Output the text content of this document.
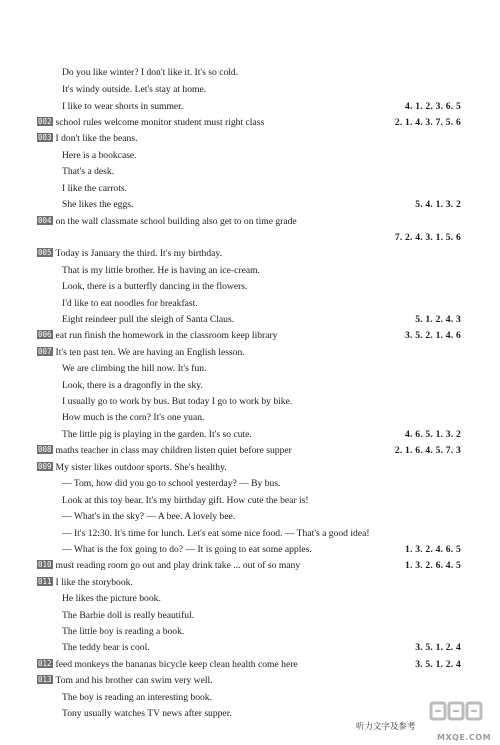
Do you like winter? I don't like it. It's so cold.
It's windy outside. Let's stay at home.
I like to wear shorts in summer.	4. 1. 2. 3. 6. 5
002 school rules welcome monitor student must right class	2. 1. 4. 3. 7. 5. 6
003 I don't like the beans.
Here is a bookcase.
That's a desk.
I like the carrots.
She likes the eggs.	5. 4. 1. 3. 2
004 on the wall classmate school building also get to on time grade
7. 2. 4. 3. 1. 5. 6
005 Today is January the third. It's my birthday.
That is my little brother. He is having an ice-cream.
Look, there is a butterfly dancing in the flowers.
I'd like to eat noodles for breakfast.
Eight reindeer pull the sleigh of Santa Claus.	5. 1. 2. 4. 3
006 eat run finish the homework in the classroom keep library	3. 5. 2. 1. 4. 6
007 It's ten past ten. We are having an English lesson.
We are climbing the hill now. It's fun.
Look, there is a dragonfly in the sky.
I usually go to work by bus. But today I go to work by bike.
How much is the corn? It's one yuan.
The little pig is playing in the garden. It's so cute.	4. 6. 5. 1. 3. 2
008 maths teacher in class may children listen quiet before supper	2. 1. 6. 4. 5. 7. 3
009 My sister likes outdoor sports. She's healthy.
— Tom, how did you go to school yesterday? — By bus.
Look at this toy bear. It's my birthday gift. How cute the bear is!
— What's in the sky? — A bee. A lovely bee.
— It's 12:30. It's time for lunch. Let's eat some nice food. — That's a good idea!
— What is the fox going to do? — It is going to eat some apples.	1. 3. 2. 4. 6. 5
010 must reading room go out and play drink take ... out of so many	1. 3. 2. 6. 4. 5
011 I like the storybook.
He likes the picture book.
The Barbie doll is really beautiful.
The little boy is reading a book.
The teddy bear is cool.	3. 5. 1. 2. 4
012 feed monkeys the bananas bicycle keep clean health come here	3. 5. 1. 2. 4
013 Tom and his brother can swim very well.
The boy is reading an interesting book.
Tony usually watches TV news after supper.
听力文字及参考
MXQE.COM
